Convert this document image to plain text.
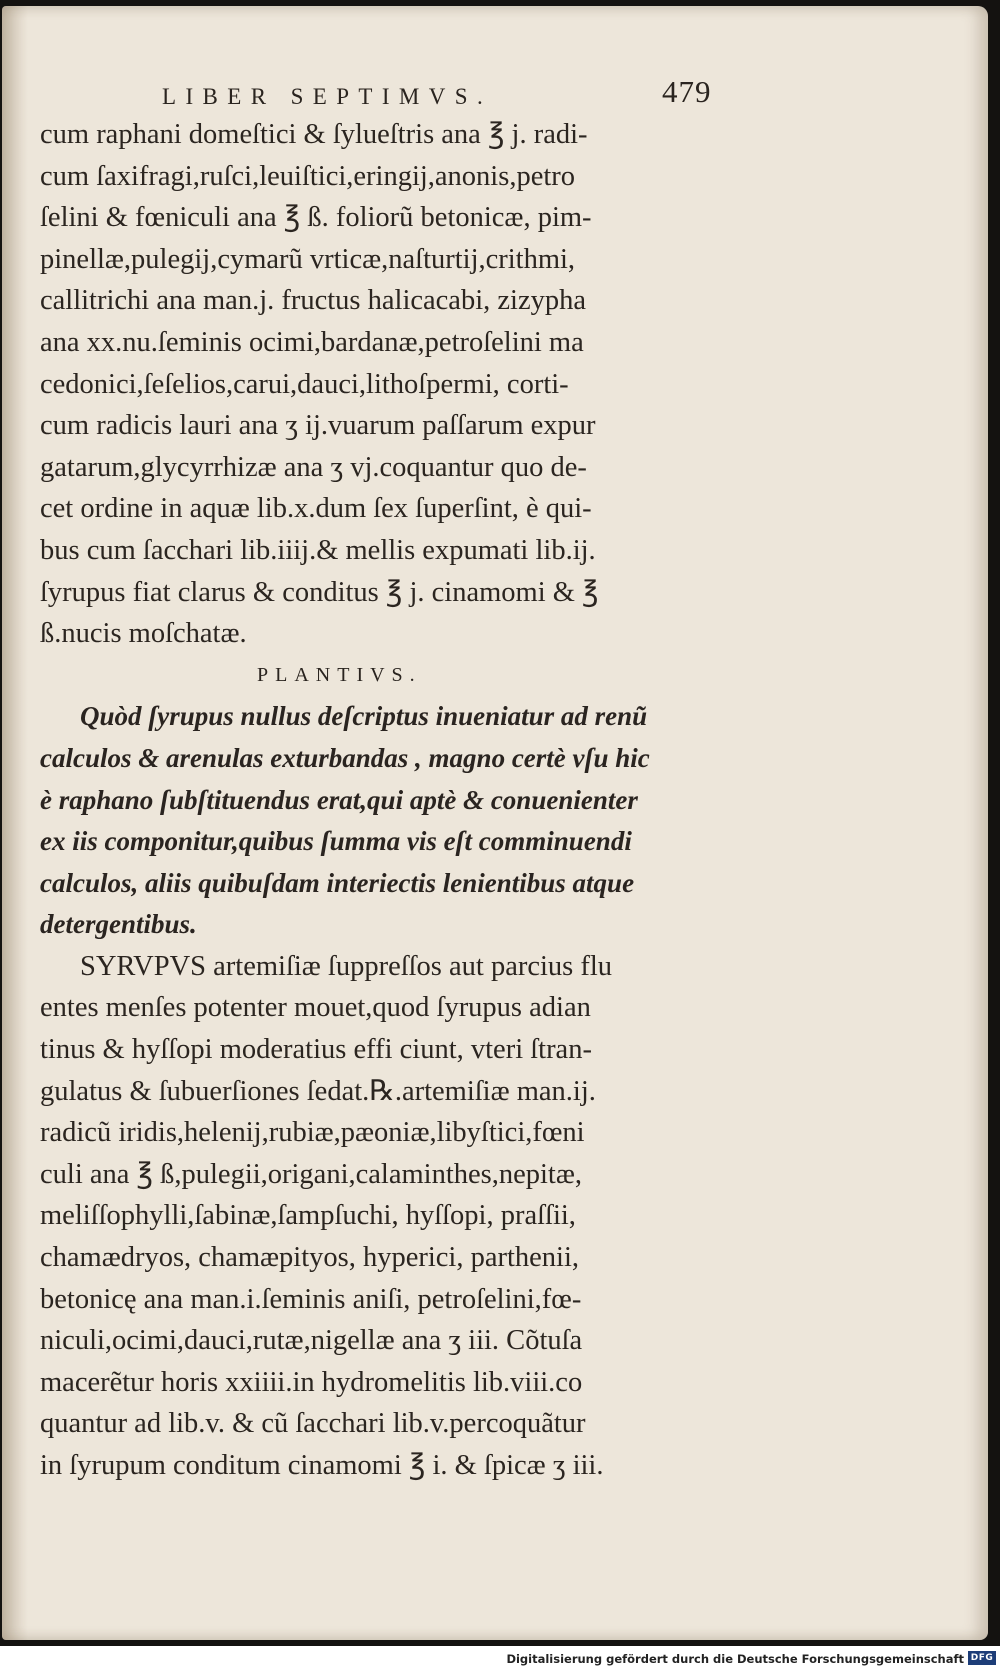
LIBER SEPTIMVS.	479
cum raphani domeſtici & ſylueſtris ana ℥ j. radi-
cum ſaxifragi,ruſci,leuiſtici,eringij,anonis,petro
ſelini & fœniculi ana ℥ ß. foliorũ betonicæ, pim-
pinellæ,pulegij,cymarũ vrticæ,naſturtij,crithmi,
callitrichi ana man.j. fructus halicacabi, zizypha
ana xx.nu.ſeminis ocimi,bardanæ,petroſelini ma
cedonici,ſeſelios,carui,dauci,lithoſpermi, corti-
cum radicis lauri ana ʒ ij.vuarum paſſarum expur
gatarum,glycyrrhizæ ana ʒ vj.coquantur quo de-
cet ordine in aquæ lib.x.dum ſex ſuperſint, è qui-
bus cum ſacchari lib.iiij.& mellis expumati lib.ij.
ſyrupus fiat clarus & conditus ℥ j. cinamomi & ℥
ß.nucis moſchatæ.
PLANTIVS.
Quòd ſyrupus nullus deſcriptus inueniatur ad renũ
calculos & arenulas exturbandas , magno certè vſu hic
è raphano ſubſtituendus erat,qui aptè & conuenienter
ex iis componitur,quibus ſumma vis eſt comminuendi
calculos, aliis quibuſdam interiectis lenientibus atque
detergentibus.
SYRVPVS artemiſiæ ſuppreſſos aut parcius flu
entes menſes potenter mouet,quod ſyrupus adian
tinus & hyſſopi moderatius effi ciunt, vteri ſtran-
gulatus & ſubuerſiones ſedat.℞.artemiſiæ man.ij.
radicũ iridis,helenij,rubiæ,pæoniæ,libyſtici,fœni
culi ana ℥ ß,pulegii,origani,calaminthes,nepitæ,
meliſſophylli,ſabinæ,ſampſuchi, hyſſopi, praſſii,
chamædryos, chamæpityos, hyperici, parthenii,
betonicę ana man.i.ſeminis aniſi, petroſelini,fœ-
niculi,ocimi,dauci,rutæ,nigellæ ana ʒ iii. Cõtuſa
macerẽtur horis xxiiii.in hydromelitis lib.viii.co
quantur ad lib.v. & cũ ſacchari lib.v.percoquãtur
in ſyrupum conditum cinamomi ℥ i. & ſpicæ ʒ iii.
Digitalisierung gefördert durch die Deutsche Forschungsgemeinschaft DFG
